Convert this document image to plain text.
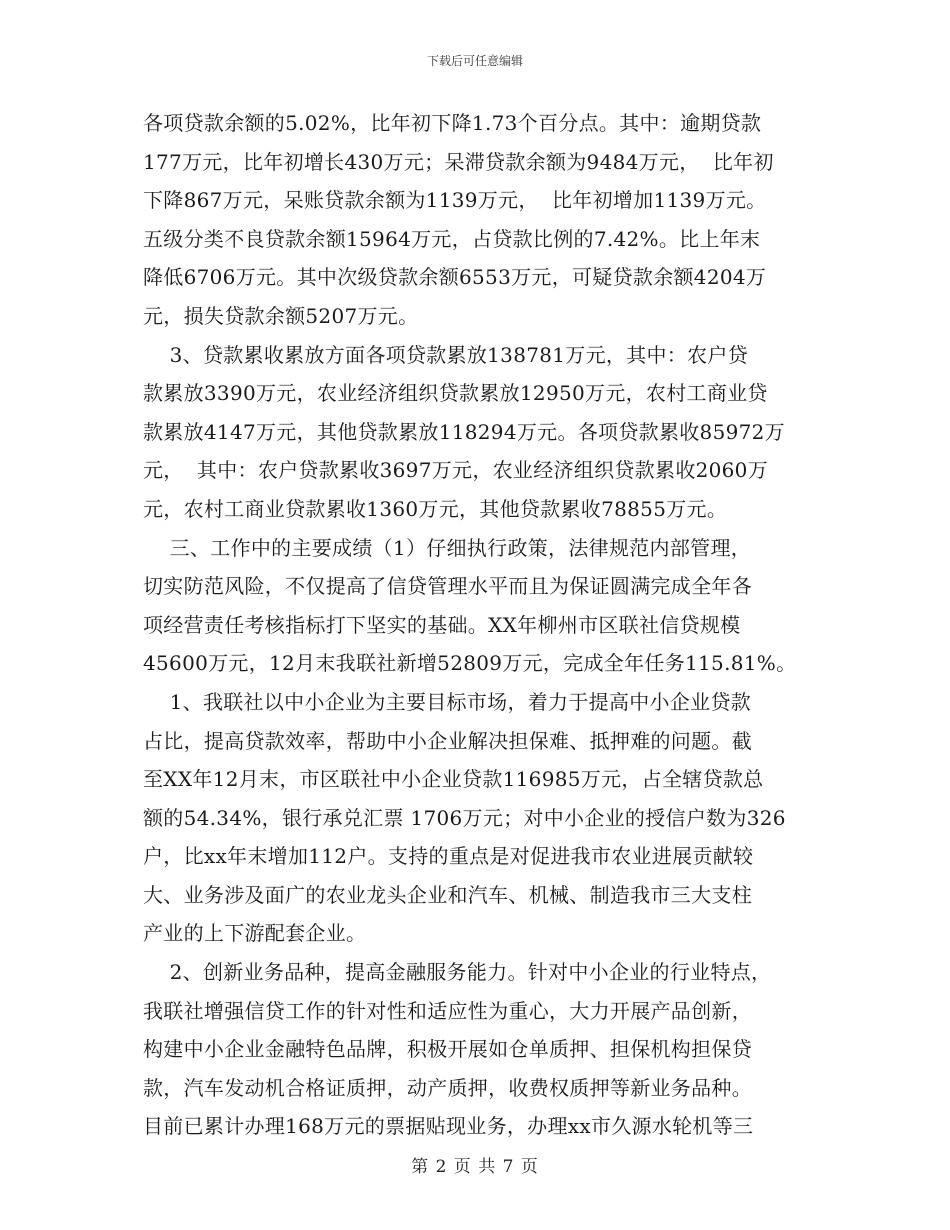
下载后可任意编辑
各项贷款余额的5.02%，比年初下降1.73个百分点。其中：逾期贷款
177万元，比年初增长430万元；呆滞贷款余额为9484万元，  比年初
下降867万元，呆账贷款余额为1139万元，  比年初增加1139万元。
五级分类不良贷款余额15964万元，占贷款比例的7.42%。比上年末
降低6706万元。其中次级贷款余额6553万元，可疑贷款余额4204万
元，损失贷款余额5207万元。
3、贷款累收累放方面各项贷款累放138781万元，其中：农户贷
款累放3390万元，农业经济组织贷款累放12950万元，农村工商业贷
款累放4147万元，其他贷款累放118294万元。各项贷款累收85972万
元，  其中：农户贷款累收3697万元，农业经济组织贷款累收2060万
元，农村工商业贷款累收1360万元，其他贷款累收78855万元。
三、工作中的主要成绩（1）仔细执行政策，法律规范内部管理，
切实防范风险，不仅提高了信贷管理水平而且为保证圆满完成全年各
项经营责任考核指标打下坚实的基础。XX年柳州市区联社信贷规模
45600万元，12月末我联社新增52809万元，完成全年任务115.81%。
1、我联社以中小企业为主要目标市场，着力于提高中小企业贷款
占比，提高贷款效率，帮助中小企业解决担保难、抵押难的问题。截
至XX年12月末，市区联社中小企业贷款116985万元，占全辖贷款总
额的54.34%，银行承兑汇票 1706万元；对中小企业的授信户数为326
户，比xx年末增加112户。支持的重点是对促进我市农业进展贡献较
大、业务涉及面广的农业龙头企业和汽车、机械、制造我市三大支柱
产业的上下游配套企业。
2、创新业务品种，提高金融服务能力。针对中小企业的行业特点，
我联社增强信贷工作的针对性和适应性为重心，大力开展产品创新，
构建中小企业金融特色品牌，积极开展如仓单质押、担保机构担保贷
款，汽车发动机合格证质押，动产质押，收费权质押等新业务品种。
目前已累计办理168万元的票据贴现业务，办理xx市久源水轮机等三
第 2 页 共 7 页
